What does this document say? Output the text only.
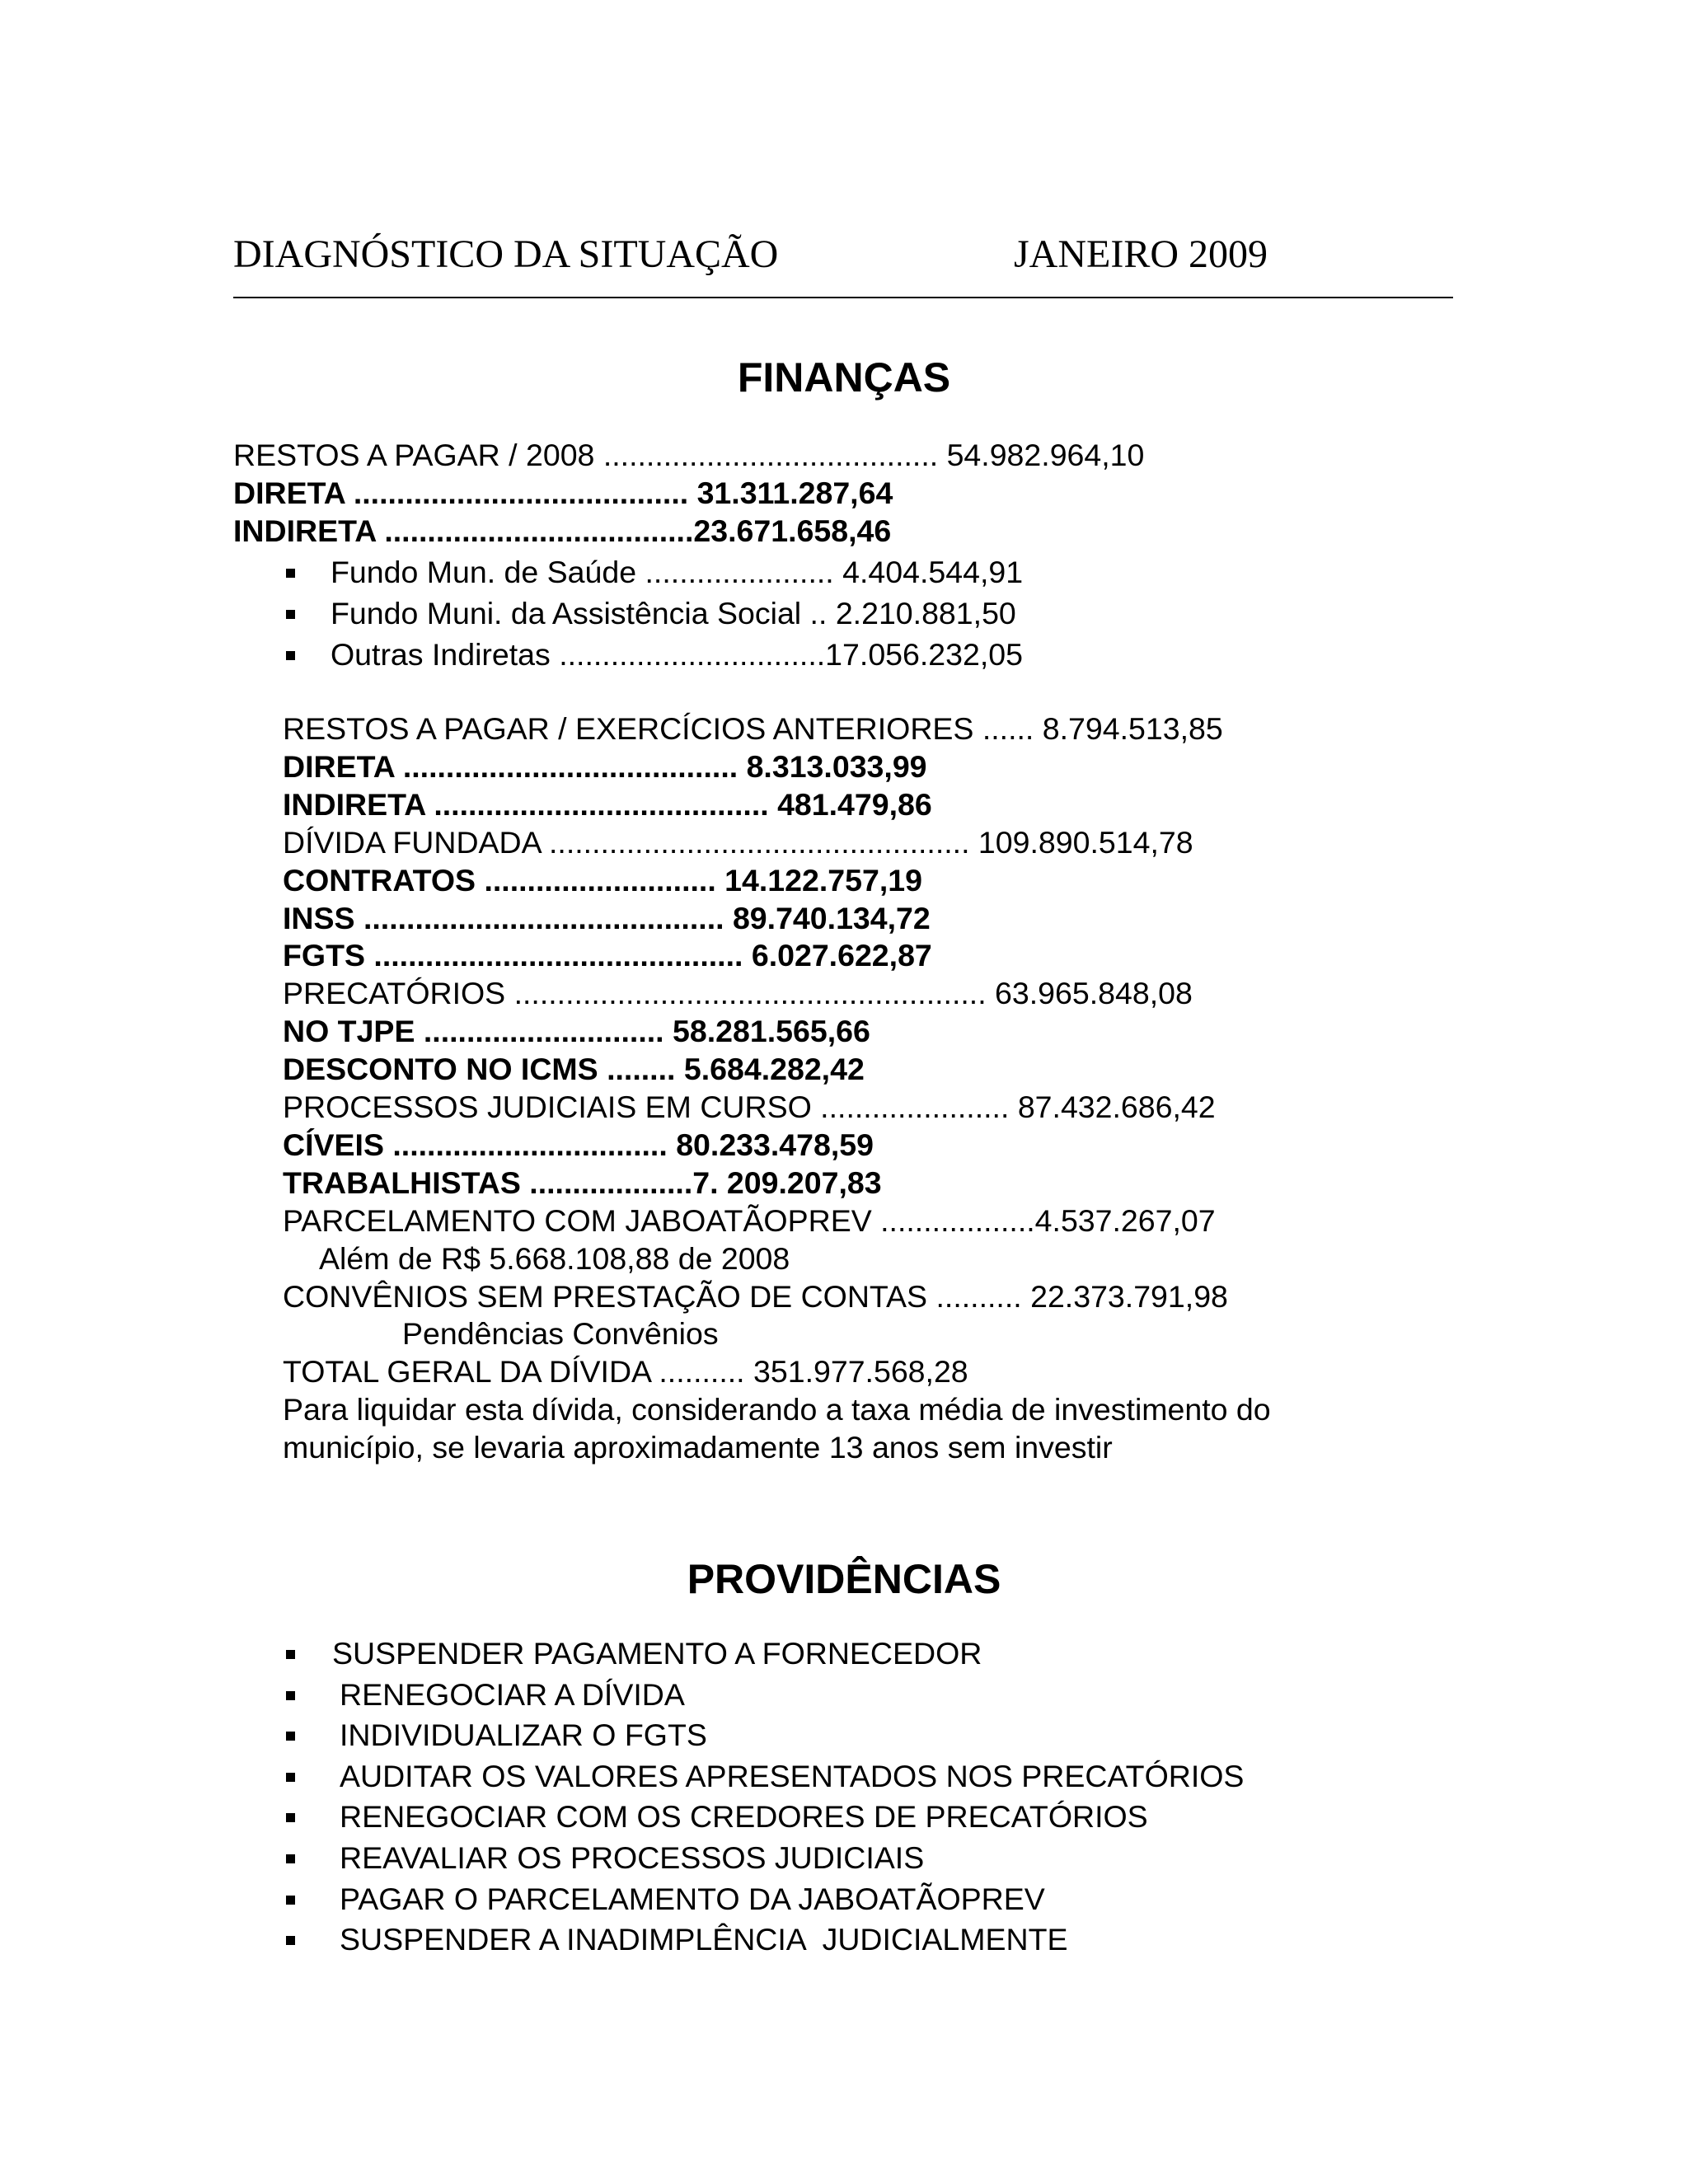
DIAGNÓSTICO DA SITUAÇÃO	JANEIRO 2009
FINANÇAS
RESTOS A PAGAR / 2008 ....................................... 54.982.964,10
DIRETA ....................................... 31.311.287,64
INDIRETA ....................................23.671.658,46
Fundo Mun. de Saúde ...................... 4.404.544,91
Fundo Muni. da Assistência Social .. 2.210.881,50
Outras Indiretas ...............................17.056.232,05
RESTOS A PAGAR / EXERCÍCIOS ANTERIORES ...... 8.794.513,85
DIRETA ....................................... 8.313.033,99
INDIRETA ....................................... 481.479,86
DÍVIDA FUNDADA ................................................. 109.890.514,78
CONTRATOS ........................... 14.122.757,19
INSS .......................................... 89.740.134,72
FGTS ........................................... 6.027.622,87
PRECATÓRIOS ....................................................... 63.965.848,08
NO TJPE ............................ 58.281.565,66
DESCONTO NO ICMS ........ 5.684.282,42
PROCESSOS JUDICIAIS EM CURSO ...................... 87.432.686,42
CÍVEIS ................................ 80.233.478,59
TRABALHISTAS ...................7. 209.207,83
PARCELAMENTO COM JABOATÃOPREV ..................4.537.267,07
Além de R$ 5.668.108,88 de 2008
CONVÊNIOS SEM PRESTAÇÃO DE CONTAS .......... 22.373.791,98
Pendências Convênios
TOTAL GERAL DA DÍVIDA .......... 351.977.568,28
Para liquidar esta dívida, considerando a taxa média de investimento do
município, se levaria aproximadamente 13 anos sem investir
PROVIDÊNCIAS
SUSPENDER PAGAMENTO A FORNECEDOR
RENEGOCIAR A DÍVIDA
INDIVIDUALIZAR O FGTS
AUDITAR OS VALORES APRESENTADOS NOS PRECATÓRIOS
RENEGOCIAR COM OS CREDORES DE PRECATÓRIOS
REAVALIAR OS PROCESSOS JUDICIAIS
PAGAR O PARCELAMENTO DA JABOATÃOPREV
SUSPENDER A INADIMPLÊNCIA  JUDICIALMENTE
